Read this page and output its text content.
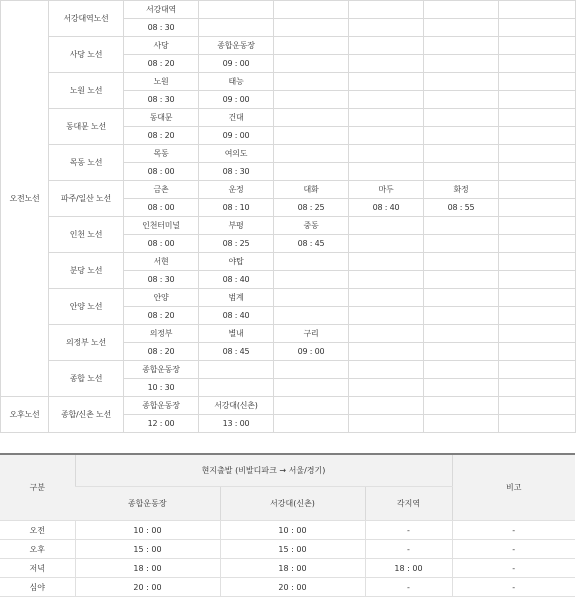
오전노선	서강대역노선	서강대역					
		08 : 30					
	사당 노선	사당	종합운동장				
		08 : 20	09 : 00				
	노원 노선	노원	태능				
		08 : 30	09 : 00				
	동대문 노선	동대문	건대				
		08 : 20	09 : 00				
	목동 노선	목동	여의도				
		08 : 00	08 : 30				
	파주/일산 노선	금촌	운정	대화	마두	화정	
		08 : 00	08 : 10	08 : 25	08 : 40	08 : 55	
	인천 노선	인천터미널	부평	중동			
		08 : 00	08 : 25	08 : 45			
	분당 노선	서현	야탑				
		08 : 30	08 : 40				
	안양 노선	안양	범계				
		08 : 20	08 : 40				
	의정부 노선	의정부	별내	구리			
		08 : 20	08 : 45	09 : 00			
	종합 노선	종합운동장					
		10 : 30					
오후노선	종합/신촌 노선	종합운동장	서강대(신촌)				
		12 : 00	13 : 00				
구분	현지출발 (비발디파크 → 서울/경기)			비고
	종합운동장	서강대(신촌)	각지역	
오전	10 : 00	10 : 00	-	-
오후	15 : 00	15 : 00	-	-
저녁	18 : 00	18 : 00	18 : 00	-
심야	20 : 00	20 : 00	-	-
